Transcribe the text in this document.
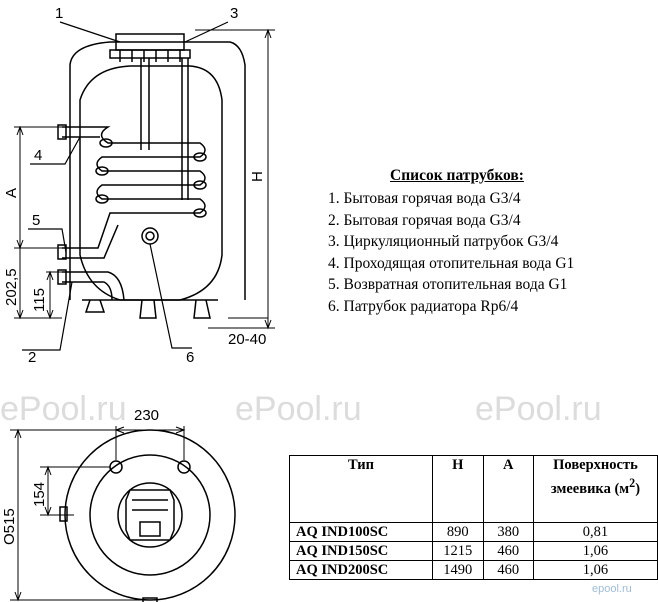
ePool.ru	ePool.ru	ePool.ru
1	3
4
5
2	6
H
A
202,5 115
20-40
230
154
O515
Список патрубков:
1. Бытовая горячая вода G3/4
2. Бытовая горячая вода G3/4
3. Циркуляционный патрубок G3/4
4. Проходящая отопительная вода G1
5. Возвратная отопительная вода G1
6. Патрубок радиатора Rp6/4
Тип	H	A	Поверхность змеевика $(м^2)$
AQ IND100SC	890	380	0,81
AQ IND150SC	1215	460	1,06
AQ IND200SC	1490	460	1,06
epool.ru
